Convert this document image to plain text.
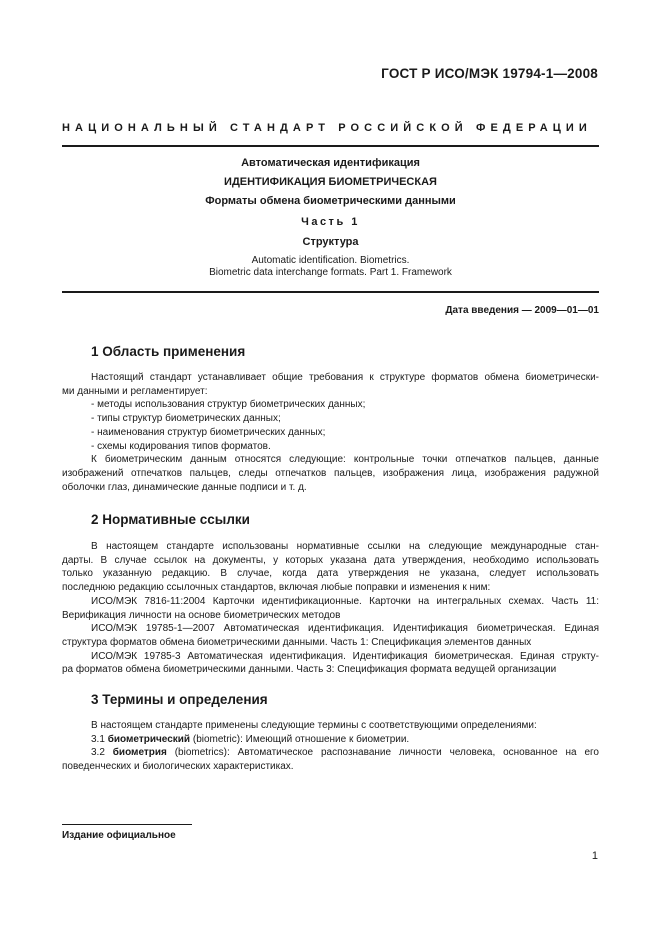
ГОСТ Р ИСО/МЭК 19794-1—2008
НАЦИОНАЛЬНЫЙ СТАНДАРТ РОССИЙСКОЙ ФЕДЕРАЦИИ
Автоматическая идентификация
ИДЕНТИФИКАЦИЯ БИОМЕТРИЧЕСКАЯ
Форматы обмена биометрическими данными
Часть 1
Структура
Automatic identification. Biometrics.
Biometric data interchange formats. Part 1. Framework
Дата введения — 2009—01—01
1 Область применения

Настоящий стандарт устанавливает общие требования к структуре форматов обмена биометрически-

ми данными и регламентирует:

- методы использования структур биометрических данных;

- типы структур биометрических данных;

- наименования структур биометрических данных;

- схемы кодирования типов форматов.

К биометрическим данным относятся следующие: контрольные точки отпечатков пальцев, данные

изображений отпечатков пальцев, следы отпечатков пальцев, изображения лица, изображения радужной

оболочки глаз, динамические данные подписи и т. д.

2 Нормативные ссылки

В настоящем стандарте использованы нормативные ссылки на следующие международные стан-

дарты. В случае ссылок на документы, у которых указана дата утверждения, необходимо использовать

только указанную редакцию. В случае, когда дата утверждения не указана, следует использовать

последнюю редакцию ссылочных стандартов, включая любые поправки и изменения к ним:

ИСО/МЭК 7816-11:2004 Карточки идентификационные. Карточки на интегральных схемах. Часть 11:

Верификация личности на основе биометрических методов

ИСО/МЭК 19785-1—2007 Автоматическая идентификация. Идентификация биометрическая. Единая

структура форматов обмена биометрическими данными. Часть 1: Спецификация элементов данных

ИСО/МЭК 19785-3 Автоматическая идентификация. Идентификация биометрическая. Единая структу-

ра форматов обмена биометрическими данными. Часть 3: Спецификация формата ведущей организации

3 Термины и определения

В настоящем стандарте применены следующие термины с соответствующими определениями:

3.1 биометрический (biometric): Имеющий отношение к биометрии.

3.2 биометрия (biometrics): Автоматическое распознавание личности человека, основанное на его

поведенческих и биологических характеристиках.

Издание официальное
1
